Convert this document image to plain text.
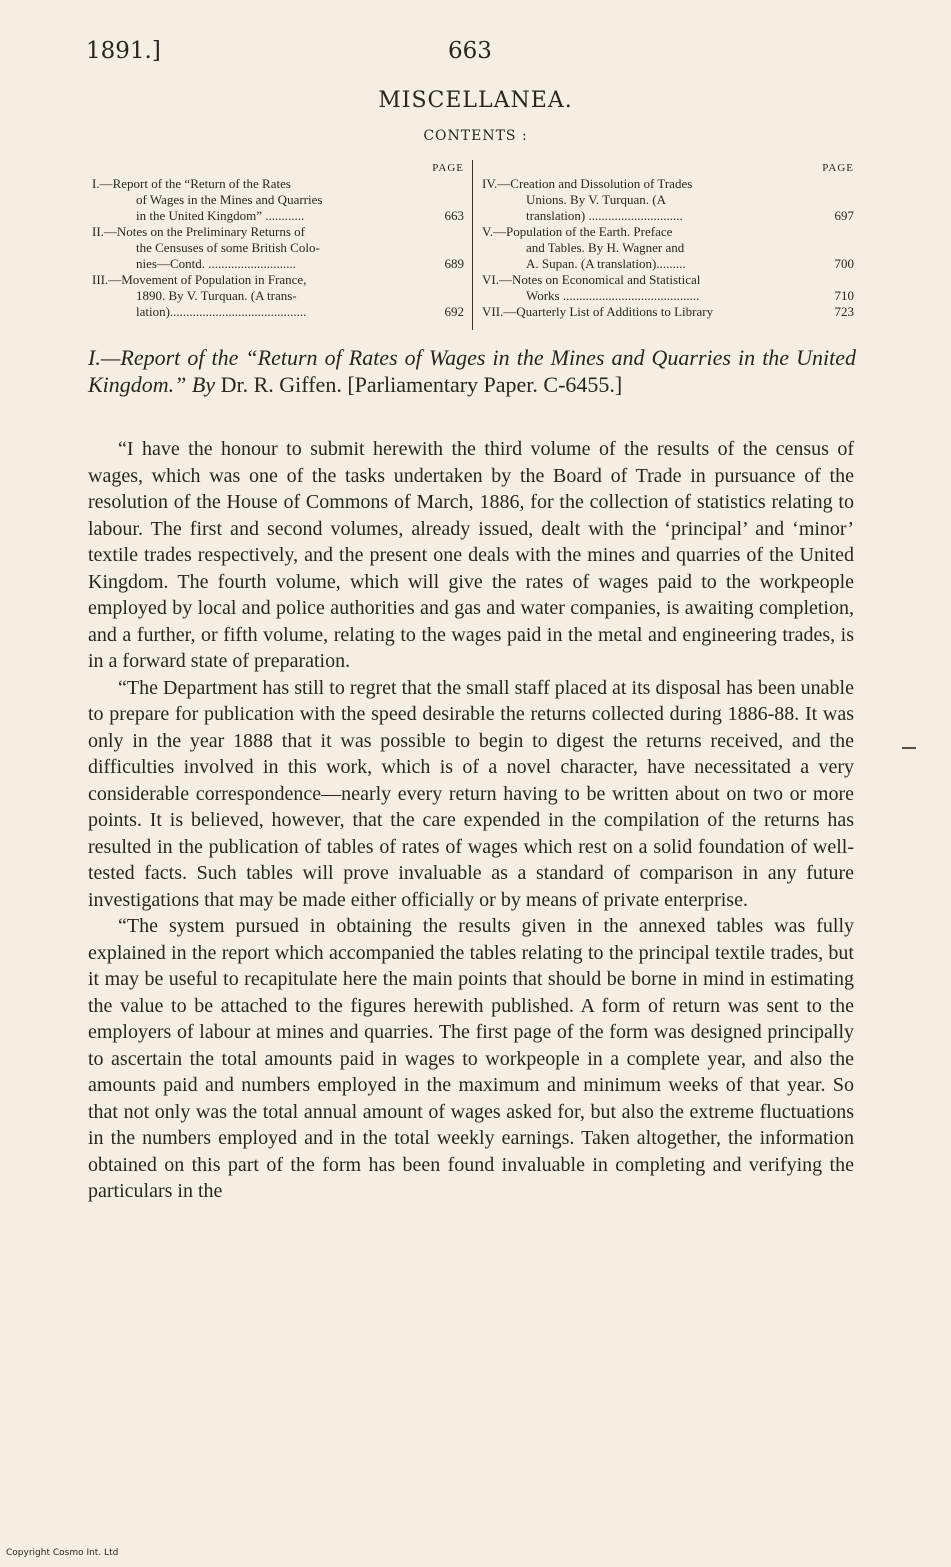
1891.]	663
MISCELLANEA.
CONTENTS :
PAGE
I.—Report of the “Return of the Rates
of Wages in the Mines and Quarries
in the United Kingdom” ............	663
II.—Notes on the Preliminary Returns of
the Censuses of some British Colo-
nies—Contd. ...........................	689
III.—Movement of Population in France,
1890. By V. Turquan. (A trans-
lation)..........................................	692
PAGE
IV.—Creation and Dissolution of Trades
Unions. By V. Turquan. (A
translation) .............................	697
V.—Population of the Earth. Preface
and Tables. By H. Wagner and
A. Supan. (A translation).........	700
VI.—Notes on Economical and Statistical
Works ..........................................	710
VII.—Quarterly List of Additions to Library	723
I.—Report of the “Return of Rates of Wages in the Mines and Quarries in the United Kingdom.” By Dr. R. Giffen. [Parliamentary Paper. C-6455.]

“I have the honour to submit herewith the third volume of the results of the census of wages, which was one of the tasks undertaken by the Board of Trade in pursuance of the resolution of the House of Commons of March, 1886, for the collection of statistics relating to labour. The first and second volumes, already issued, dealt with the ‘principal’ and ‘minor’ textile trades respectively, and the present one deals with the mines and quarries of the United Kingdom. The fourth volume, which will give the rates of wages paid to the workpeople employed by local and police authorities and gas and water companies, is awaiting completion, and a further, or fifth volume, relating to the wages paid in the metal and engineering trades, is in a forward state of preparation.

“The Department has still to regret that the small staff placed at its disposal has been unable to prepare for publication with the speed desirable the returns collected during 1886-88. It was only in the year 1888 that it was possible to begin to digest the returns received, and the difficulties involved in this work, which is of a novel character, have necessitated a very considerable correspondence—nearly every return having to be written about on two or more points. It is believed, however, that the care expended in the compilation of the returns has resulted in the publication of tables of rates of wages which rest on a solid foundation of well-tested facts. Such tables will prove invaluable as a standard of comparison in any future investigations that may be made either officially or by means of private enterprise.

“The system pursued in obtaining the results given in the annexed tables was fully explained in the report which accompanied the tables relating to the principal textile trades, but it may be useful to recapitulate here the main points that should be borne in mind in estimating the value to be attached to the figures herewith published. A form of return was sent to the employers of labour at mines and quarries. The first page of the form was designed principally to ascertain the total amounts paid in wages to workpeople in a complete year, and also the amounts paid and numbers employed in the maximum and minimum weeks of that year. So that not only was the total annual amount of wages asked for, but also the extreme fluctuations in the numbers employed and in the total weekly earnings. Taken altogether, the information obtained on this part of the form has been found invaluable in completing and verifying the particulars in the

Copyright Cosmo Int. Ltd
